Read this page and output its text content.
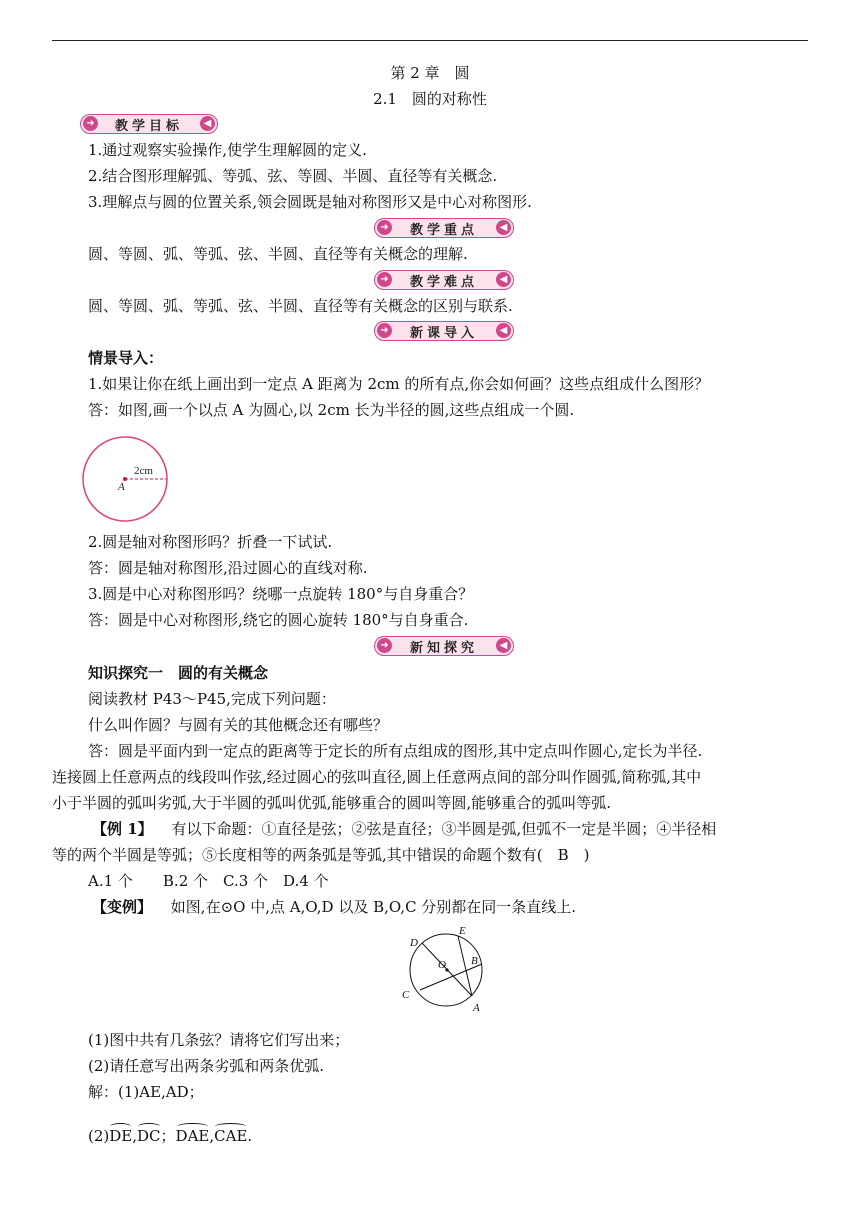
第 2 章　圆
2.1　圆的对称性
➜ 教学目标	◀
1.通过观察实验操作,使学生理解圆的定义.
2.结合图形理解弧、等弧、弦、等圆、半圆、直径等有关概念.
3.理解点与圆的位置关系,领会圆既是轴对称图形又是中心对称图形.
➜ 教学重点	◀
圆、等圆、弧、等弧、弦、半圆、直径等有关概念的理解.
➜ 教学难点	◀
圆、等圆、弧、等弧、弦、半圆、直径等有关概念的区别与联系.
➜ 新课导入	◀
情景导入：
1.如果让你在纸上画出到一定点 A 距离为 2cm 的所有点,你会如何画？这些点组成什么图形？
答：如图,画一个以点 A 为圆心,以 2cm 长为半径的圆,这些点组成一个圆.
2cm
A
2.圆是轴对称图形吗？折叠一下试试.
答：圆是轴对称图形,沿过圆心的直线对称.
3.圆是中心对称图形吗？绕哪一点旋转 180°与自身重合？
答：圆是中心对称图形,绕它的圆心旋转 180°与自身重合.
➜ 新知探究	◀
知识探究一　圆的有关概念
阅读教材 P43～P45,完成下列问题：
什么叫作圆？与圆有关的其他概念还有哪些？
答：圆是平面内到一定点的距离等于定长的所有点组成的图形,其中定点叫作圆心,定长为半径.
连接圆上任意两点的线段叫作弦,经过圆心的弦叫直径,圆上任意两点间的部分叫作圆弧,简称弧,其中
小于半圆的弧叫劣弧,大于半圆的弧叫优弧,能够重合的圆叫等圆,能够重合的弧叫等弧.
【例 1】 有以下命题：①直径是弦；②弦是直径；③半圆是弧,但弧不一定是半圆；④半径相
等的两个半圆是等弧；⑤长度相等的两条弧是等弧,其中错误的命题个数有(　B　)
A.1 个　　B.2 个　C.3 个　D.4 个
【变例】 如图,在⊙O 中,点 A,O,D 以及 B,O,C 分别都在同一条直线上.
D
E
O B
C
A
(1)图中共有几条弦？请将它们写出来；
(2)请任意写出两条劣弧和两条优弧.
解：(1)AE,AD；
(2)DE,DC；DAE,CAE.
